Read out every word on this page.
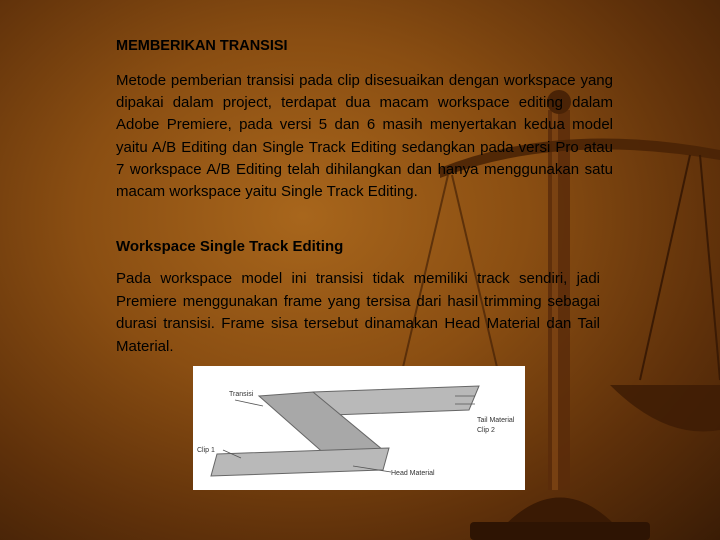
MEMBERIKAN TRANSISI

Metode pemberian transisi pada clip disesuaikan dengan workspace yang dipakai dalam project, terdapat dua macam workspace editing dalam Adobe Premiere, pada versi 5 dan 6 masih menyertakan kedua model yaitu A/B Editing dan Single Track Editing sedangkan pada versi Pro atau 7 workspace A/B Editing telah dihilangkan dan hanya menggunakan satu macam workspace yaitu Single Track Editing.

Workspace Single Track Editing

Pada workspace model ini transisi tidak memiliki track sendiri, jadi Premiere menggunakan frame yang tersisa dari hasil trimming sebagai durasi transisi. Frame sisa tersebut dinamakan Head Material dan Tail Material.

Transisi
Tail Material
Clip 2
Clip 1
Head Material
